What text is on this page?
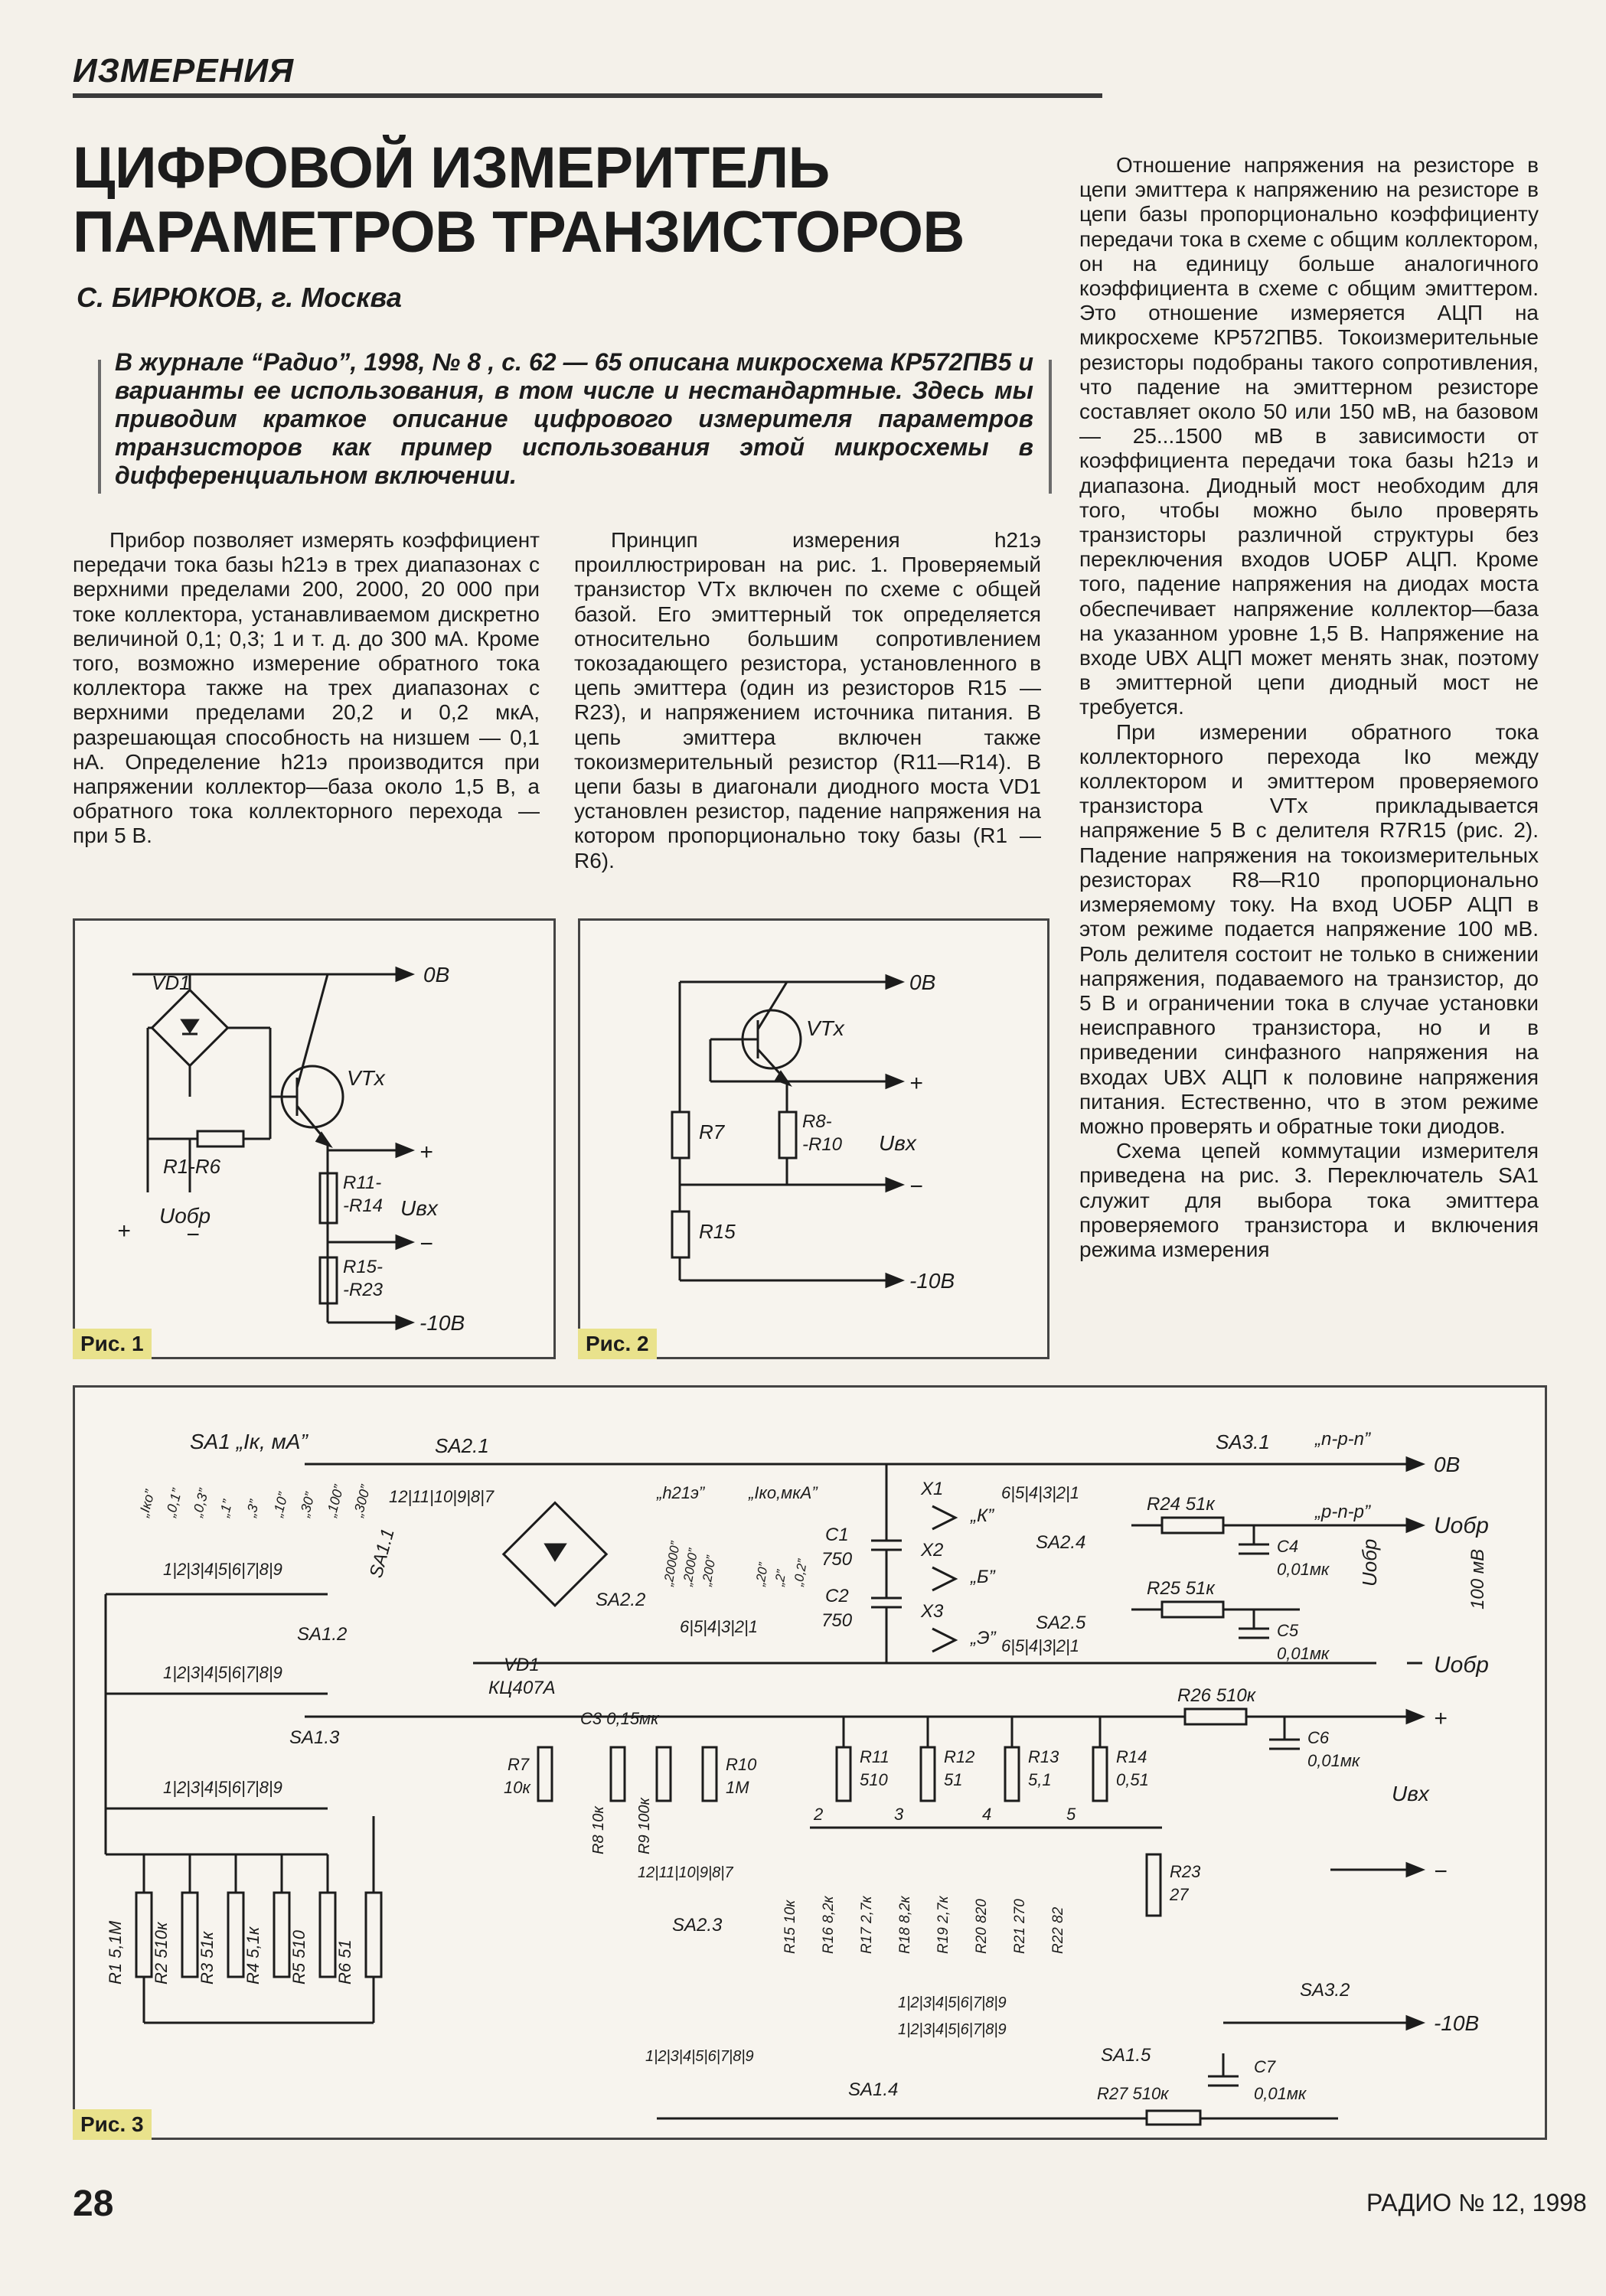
ИЗМЕРЕНИЯ
ЦИФРОВОЙ ИЗМЕРИТЕЛЬ ПАРАМЕТРОВ ТРАНЗИСТОРОВ
С. БИРЮКОВ, г. Москва
В журнале “Радио”, 1998, № 8 , с. 62 — 65 описана микросхема КР572ПВ5 и варианты ее использования, в том числе и нестандартные. Здесь мы приводим краткое описание цифрового измерителя параметров транзисторов как пример использования этой микросхемы в дифференциальном включении.

Прибор позволяет измерять коэффициент передачи тока базы h21э в трех диапазонах с верхними пределами 200, 2000, 20 000 при токе коллектора, устанавливаемом дискретно величиной 0,1; 0,3; 1 и т. д. до 300 мА. Кроме того, возможно измерение обратного тока коллектора также на трех диапазонах с верхними пределами 20,2 и 0,2 мкА, разрешающая способность на низшем — 0,1 нА. Определение h21э производится при напряжении коллектор—база около 1,5 В, а обратного тока коллекторного перехода — при 5 В.

Принцип измерения h21э проиллюстрирован на рис. 1. Проверяемый транзистор VTx включен по схеме с общей базой. Его эмиттерный ток определяется относительно большим сопротивлением токозадающего резистора, установленного в цепь эмиттера (один из резисторов R15 — R23), и напряжением источника питания. В цепь эмиттера включен также токоизмерительный резистор (R11—R14). В цепи базы в диагонали диодного моста VD1 установлен резистор, падение напряжения на котором пропорционально току базы (R1 — R6).

Отношение напряжения на резисторе в цепи эмиттера к напряжению на резисторе в цепи базы пропорционально коэффициенту передачи тока в схеме с общим коллектором, он на единицу больше аналогичного коэффициента в схеме с общим эмиттером. Это отношение измеряется АЦП на микросхеме КР572ПВ5. Токоизмерительные резисторы подобраны такого сопротивления, что падение на эмиттерном резисторе составляет около 50 или 150 мВ, на базовом — 25...1500 мВ в зависимости от коэффициента передачи тока базы h21э и диапазона. Диодный мост необходим для того, чтобы можно было проверять транзисторы различной структуры без переключения входов UОБР АЦП. Кроме того, падение напряжения на диодах моста обеспечивает напряжение коллектор—база на указанном уровне 1,5 В. Напряжение на входе UВХ АЦП может менять знак, поэтому в эмиттерной цепи диодный мост не требуется.

При измерении обратного тока коллекторного перехода Iко между коллектором и эмиттером проверяемого транзистора VTx прикладывается напряжение 5 В с делителя R7R15 (рис. 2). Падение напряжения на токоизмерительных резисторах R8—R10 пропорционально измеряемому току. На вход UОБР АЦП в этом режиме подается напряжение 100 мВ. Роль делителя состоит не только в снижении напряжения, подаваемого на транзистор, до 5 В и ограничении тока в случае установки неисправного транзистора, но и в приведении синфазного напряжения на входах UВХ АЦП к половине напряжения питания. Естественно, что в этом режиме можно проверять и обратные токи диодов.

Схема цепей коммутации измерителя приведена на рис. 3. Переключатель SA1 служит для выбора тока эмиттера проверяемого транзистора и включения режима измерения

0В
VD1
VTx
R1-R6
Uобр
+ −
+
R11-
-R14 Uвх
−
R15-
-R23
-10В
Рис. 1
0В
VTx
+
R8-
-R10 Uвх
−
R7
R15
-10В
Рис. 2
0В
SA3.1 „n-p-n”
„p-n-p”
Uобр
SA1 „Iк, мА”
„Iко” „0,1” „0,3” „1” „3” „10” „30” „100” „300”
1|2|3|4|5|6|7|8|9	SA1.1
SA1.2
1|2|3|4|5|6|7|8|9
SA1.3
1|2|3|4|5|6|7|8|9
R1 5,1М R2 510к R3 51к R4 5,1к R5 510 R6 51
SA2.1
12|11|10|9|8|7
VD1
КЦ407А
SA2.2
6|5|4|3|2|1
„h21э”	„Iко,мкА”
„20000”
„2000”
„200”	„20” „2” „0,2”
C1
750
C2
750
X1
„К”
X2
„Б”
X3
„Э”
6|5|4|3|2|1
SA2.4
R24 51к
C4
0,01мк Uобр
SA2.5
R25 51к
C5
0,01мк
6|5|4|3|2|1
100 мВ
Uобр
+
R26 510к
C6
0,01мк
Uвх
−
C3 0,15мк
R7
10к
R8 10к R9 100к
R10
1М
12|11|10|9|8|7
SA2.3
R11
510
R12
51
R13
5,1
R14
0,51
2	3	4	5
R15 10к R16 8,2к R17 2,7к R18 8,2к R19 2,7к R20 820 R21 270 R22 82
R23
27
1|2|3|4|5|6|7|8|9
1|2|3|4|5|6|7|8|9
1|2|3|4|5|6|7|8|9	SA1.5
SA3.2
-10В
SA1.4
C7
0,01мк
R27 510к
Рис. 3
28	РАДИО № 12, 1998
